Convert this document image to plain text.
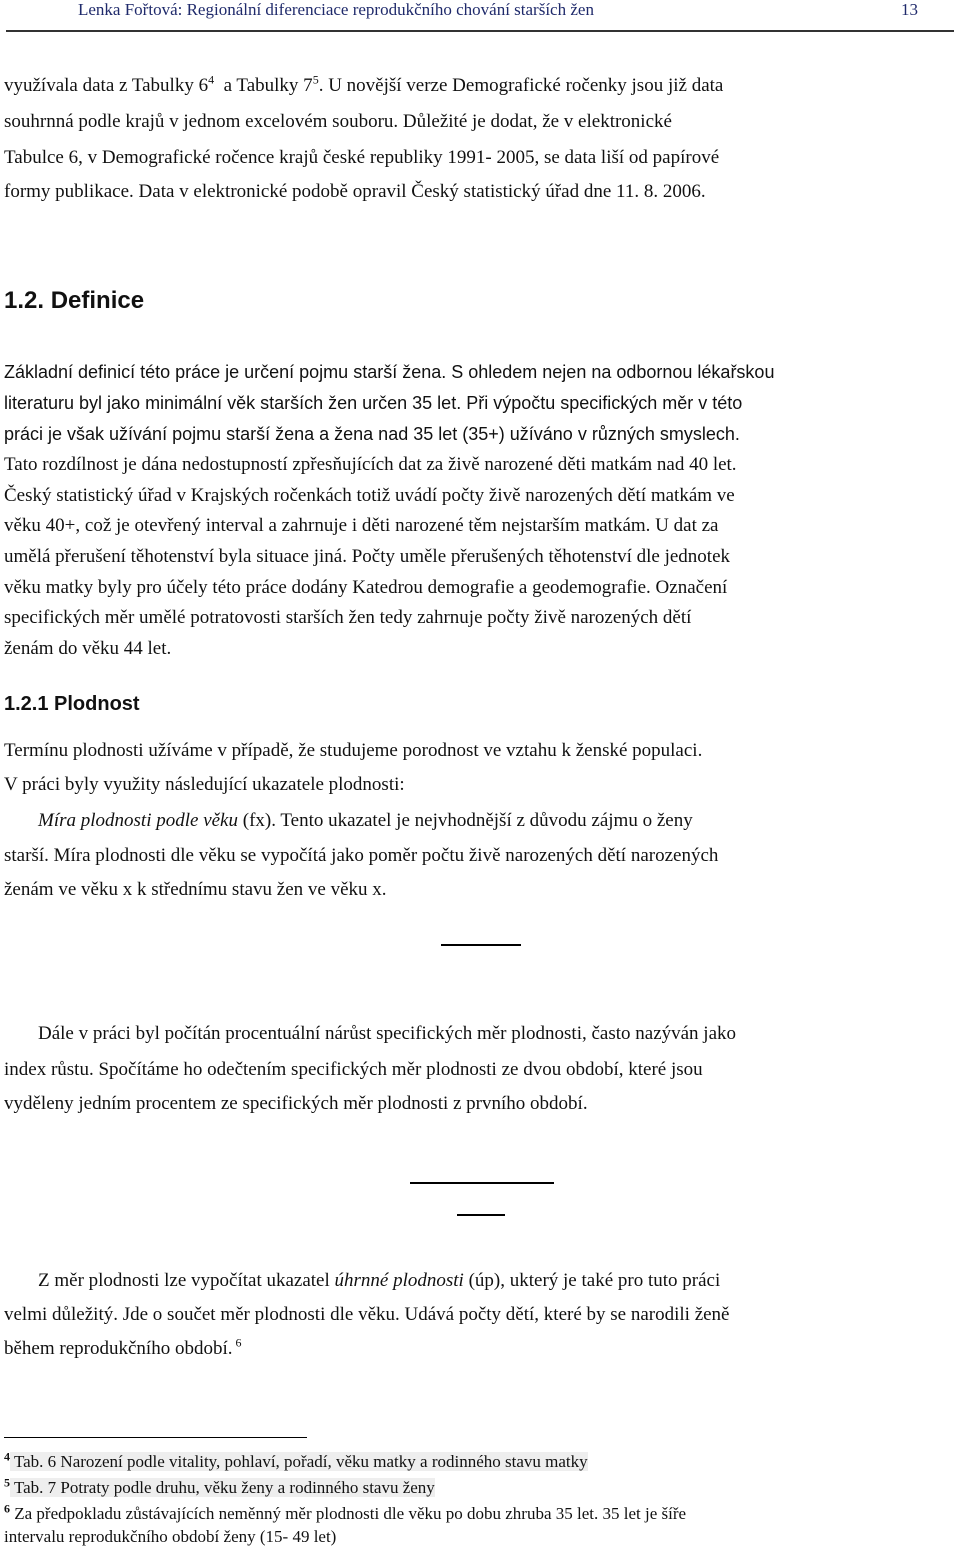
Lenka Fořtová: Regionální diferenciace reprodukčního chování starších žen	13

využívala data z Tabulky $6^4$  a Tabulky $7^5$. U novější verze Demografické ročenky jsou již data

souhrnná podle krajů v jednom excelovém souboru. Důležité je dodat, že v elektronické

Tabulce 6, v Demografické ročence krajů české republiky 1991- 2005, se data liší od papírové

formy publikace. Data v elektronické podobě opravil Český statistický úřad dne 11. 8. 2006.

1.2. Definice

Základní definicí této práce je určení pojmu starší žena. S ohledem nejen na odbornou lékařskou

literaturu byl jako minimální věk starších žen určen 35 let. Při výpočtu specifických měr v této

práci je však užívání pojmu starší žena a žena nad 35 let (35+) užíváno v různých smyslech.

Tato rozdílnost je dána nedostupností zpřesňujících dat za živě narozené děti matkám nad 40 let.

Český statistický úřad v Krajských ročenkách totiž uvádí počty živě narozených dětí matkám ve

věku 40+, což je otevřený interval a zahrnuje i děti narozené těm nejstarším matkám. U dat za

umělá přerušení těhotenství byla situace jiná. Počty uměle přerušených těhotenství dle jednotek

věku matky byly pro účely této práce dodány Katedrou demografie a geodemografie. Označení

specifických měr umělé potratovosti starších žen tedy zahrnuje počty živě narozených dětí

ženám do věku 44 let.

1.2.1 Plodnost

Termínu plodnosti užíváme v případě, že studujeme porodnost ve vztahu k ženské populaci.

V práci byly využity následující ukazatele plodnosti:

Míra plodnosti podle věku (fx). Tento ukazatel je nejvhodnější z důvodu zájmu o ženy

starší. Míra plodnosti dle věku se vypočítá jako poměr počtu živě narozených dětí narozených

ženám ve věku x k střednímu stavu žen ve věku x.

Dále v práci byl počítán procentuální nárůst specifických měr plodnosti, často nazýván jako

index růstu. Spočítáme ho odečtením specifických měr plodnosti ze dvou období, které jsou

vyděleny jedním procentem ze specifických měr plodnosti z prvního období.

Z měr plodnosti lze vypočítat ukazatel úhrnné plodnosti (úp), ukterý je také pro tuto práci

velmi důležitý. Jde o součet měr plodnosti dle věku. Udává počty dětí, které by se narodili ženě

během reprodukčního období. $^6$

$^4$ Tab. 6 Narození podle vitality, pohlaví, pořadí, věku matky a rodinného stavu matky

$^5$ Tab. 7 Potraty podle druhu, věku ženy a rodinného stavu ženy

$^6$ Za předpokladu zůstávajících neměnný měr plodnosti dle věku po dobu zhruba 35 let. 35 let je šíře

intervalu reprodukčního období ženy (15- 49 let)
